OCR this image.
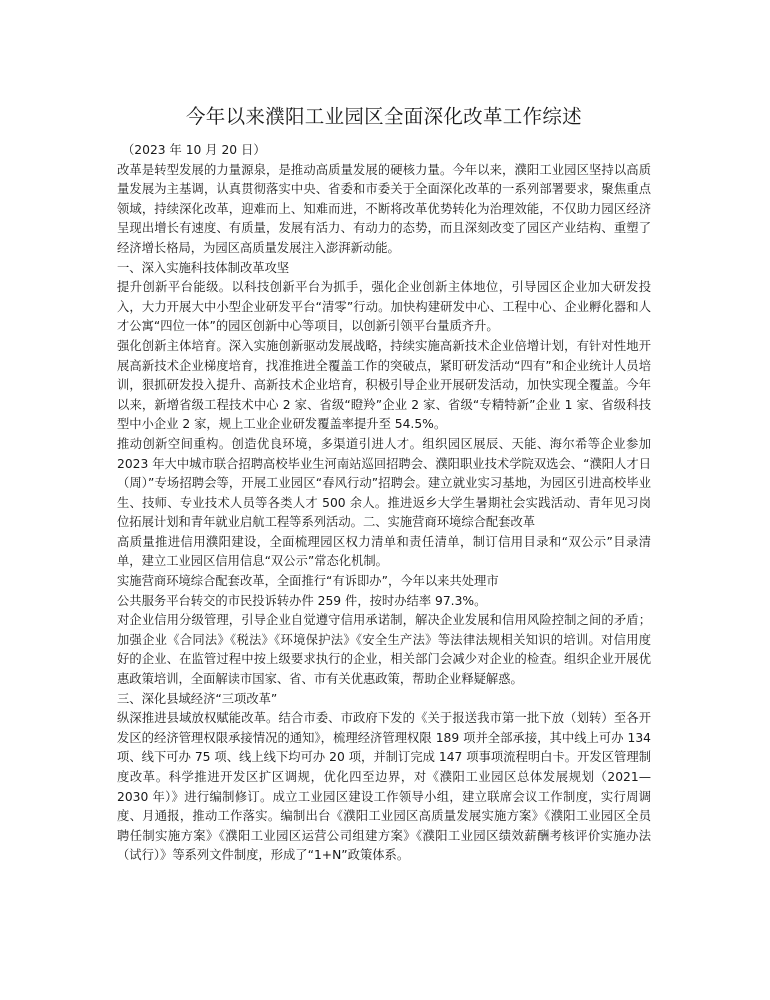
今年以来濮阳工业园区全面深化改革工作综述

（2023 年 10 月 20 日）

改革是转型发展的力量源泉，是推动高质量发展的硬核力量。今年以来，濮阳工业园区坚持以高质量发展为主基调，认真贯彻落实中央、省委和市委关于全面深化改革的一系列部署要求，聚焦重点领域，持续深化改革，迎难而上、知难而进，不断将改革优势转化为治理效能，不仅助力园区经济呈现出增长有速度、有质量，发展有活力、有动力的态势，而且深刻改变了园区产业结构、重塑了经济增长格局，为园区高质量发展注入澎湃新动能。

一、深入实施科技体制改革攻坚

提升创新平台能级。以科技创新平台为抓手，强化企业创新主体地位，引导园区企业加大研发投入，大力开展大中小型企业研发平台“清零”行动。加快构建研发中心、工程中心、企业孵化器和人才公寓“四位一体”的园区创新中心等项目，以创新引领平台量质齐升。

强化创新主体培育。深入实施创新驱动发展战略，持续实施高新技术企业倍增计划，有针对性地开展高新技术企业梯度培育，找准推进全覆盖工作的突破点，紧盯研发活动“四有”和企业统计人员培训，狠抓研发投入提升、高新技术企业培育，积极引导企业开展研发活动，加快实现全覆盖。今年以来，新增省级工程技术中心 2 家、省级“瞪羚”企业 2 家、省级“专精特新”企业 1 家、省级科技型中小企业 2 家，规上工业企业研发覆盖率提升至 54.5%。

推动创新空间重构。创造优良环境，多渠道引进人才。组织园区展辰、天能、海尔希等企业参加 2023 年大中城市联合招聘高校毕业生河南站巡回招聘会、濮阳职业技术学院双选会、“濮阳人才日（周）”专场招聘会等，开展工业园区“春风行动”招聘会。建立就业实习基地，为园区引进高校毕业生、技师、专业技术人员等各类人才 500 余人。推进返乡大学生暑期社会实践活动、青年见习岗位拓展计划和青年就业启航工程等系列活动。二、实施营商环境综合配套改革

高质量推进信用濮阳建设，全面梳理园区权力清单和责任清单，制订信用目录和“双公示”目录清单，建立工业园区信用信息“双公示”常态化机制。

实施营商环境综合配套改革，全面推行“有诉即办”，今年以来共处理市

公共服务平台转交的市民投诉转办件 259 件，按时办结率 97.3%。

对企业信用分级管理，引导企业自觉遵守信用承诺制，解决企业发展和信用风险控制之间的矛盾；加强企业《合同法》《税法》《环境保护法》《安全生产法》等法律法规相关知识的培训。对信用度好的企业、在监管过程中按上级要求执行的企业，相关部门会减少对企业的检查。组织企业开展优惠政策培训，全面解读市国家、省、市有关优惠政策，帮助企业释疑解惑。

三、深化县域经济“三项改革”

纵深推进县域放权赋能改革。结合市委、市政府下发的《关于报送我市第一批下放（划转）至各开发区的经济管理权限承接情况的通知》，梳理经济管理权限 189 项并全部承接，其中线上可办 134 项、线下可办 75 项、线上线下均可办 20 项，并制订完成 147 项事项流程明白卡。开发区管理制度改革。科学推进开发区扩区调规，优化四至边界，对《濮阳工业园区总体发展规划（2021—2030 年）》进行编制修订。成立工业园区建设工作领导小组，建立联席会议工作制度，实行周调度、月通报，推动工作落实。编制出台《濮阳工业园区高质量发展实施方案》《濮阳工业园区全员聘任制实施方案》《濮阳工业园区运营公司组建方案》《濮阳工业园区绩效薪酬考核评价实施办法（试行）》等系列文件制度，形成了“1+N”政策体系。
